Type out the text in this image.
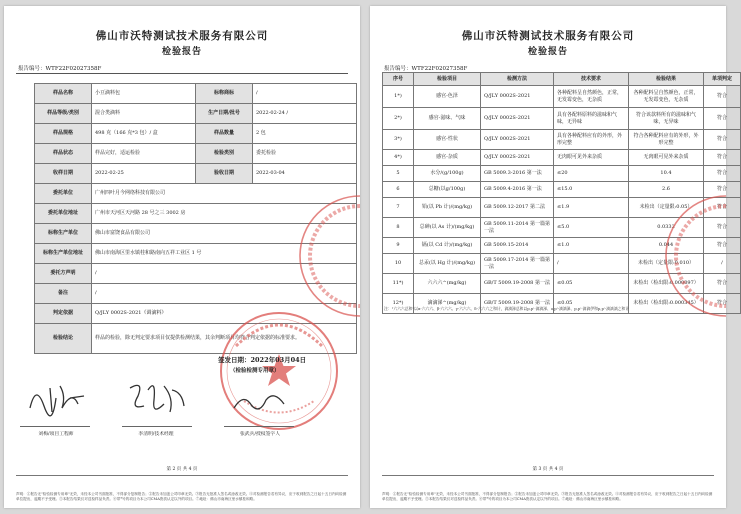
佛山市沃特测试技术服务有限公司
检验报告
报告编号：WTF22F02027358F
样品名称	小豆滴料包	标称商标	/
样品等级/类别	混合类滴料	生产日期/批号	2022-02-24 /
样品规格	498 克（166 克*3 包）/ 盒	样品数量	2 包
样品状态	样品完好，适运检验	检验类别	委托检验
收样日期	2022-02-25	验收日期	2022-03-04
委托单位	广州四叶月今网络科技有限公司		
委托单位地址	广州市天河区天河路 28 号之三 3002 房		
标称生产单位	佛山市富饶食品有限公司		
标称生产单位地址	佛山市南海区里水镇桂和路南向五祥工业区 1 号		
委托方声明	/		
备注	/		
判定依据	Q/JLY 0002S-2021《调滴料》		
检验结论	样品的检验，除无判定要求项目仅提供检测结果，其余判断项目均符合判定依据的标准要求。		
签发日期：2022年03月04日
（检验检测专用章）
刘梅/项目工程师	李清明/技术经理	张武兵/授权签字人
第 2 页 共 4 页
声明：①报告无"检验检测专用章"无效，未经本公司书面批准，不得部分复制报告；②报告未加盖公司印章无效。③报告无批准人签名或涂改无效。④对检测报告若有异议，应于收到报告之日起十五日内向检测单位提出，逾期不予受理。⑤本报告结果仅对送检样品负责。⑥带*号的项目为本公司CMA资质认定以外的项目。⑦地址：佛山市南海区里水镇桂和路。
佛山市沃特测试技术服务有限公司
检验报告
报告编号：WTF22F02027358F
序号	检验项目	检测方法	技术要求	检验结果	单项判定
1*)	感官-色泽	Q/JLY 0002S-2021	各种配料呈自然颜色，正常，无发霉变色，无杂质	各种配料呈自然颜色，正常，无发霉变色，无杂质	符合
2*)	感官-滋味、气味	Q/JLY 0002S-2021	具有各配料原料的滋味和气味，无异味	符合该款料所有的滋味和气味，无异味	符合
3*)	感官-性状	Q/JLY 0002S-2021	具有各种配料应有的外形，外形完整	符合各种配料应有的外形，外形完整	符合
4*)	感官-杂质	Q/JLY 0002S-2021	无肉眼可见外来杂质	无肉眼可见外来杂质	符合
5	水分/(g/100g)	GB 5009.3-2016 第一法	≤20	10.4	符合
6	总糖(以g/100g)	GB 5009.4-2016 第一法	≤15.0	2.6	符合
7	铅(以 Pb 计)/(mg/kg)	GB 5009.12-2017 第二法	≤1.9	未检出（定量限:0.05）	符合
8	总砷(以 As 计)/(mg/kg)	GB 5009.11-2014 第一篇第一法	≤5.0	0.0332	符合
9	镉(以 Cd 计)/(mg/kg)	GB 5009.15-2014	≤1.0	0.044	符合
10	总汞(以 Hg 计)/(mg/kg)	GB 5009.17-2014 第一篇第一法	/	未检出（定量限:0.010）	/
11*)	六六六^(mg/kg)	GB/T 5009.19-2008 第一法	≤0.05	未检出（检出限:0.000097）	符合
12*)	滴滴涕^(mg/kg)	GB/T 5009.19-2008 第一法	≤0.05	未检出（检出限:0.000345）	符合
注："六六六总和"以α-六六六、β-六六六、γ-六六六、δ-六六六之和计，滴滴涕总和以p,p'-滴滴涕、o,p'-滴滴涕、p,p'-滴滴伊和p,p'-滴滴滴之和计
第 3 页 共 4 页
声明：①报告无"检验检测专用章"无效，未经本公司书面批准，不得部分复制报告；②报告未加盖公司印章无效。③报告无批准人签名或涂改无效。④对检测报告若有异议，应于收到报告之日起十五日内向检测单位提出，逾期不予受理。⑤本报告结果仅对送检样品负责。⑥带*号的项目为本公司CMA资质认定以外的项目。⑦地址：佛山市南海区里水镇桂和路。
